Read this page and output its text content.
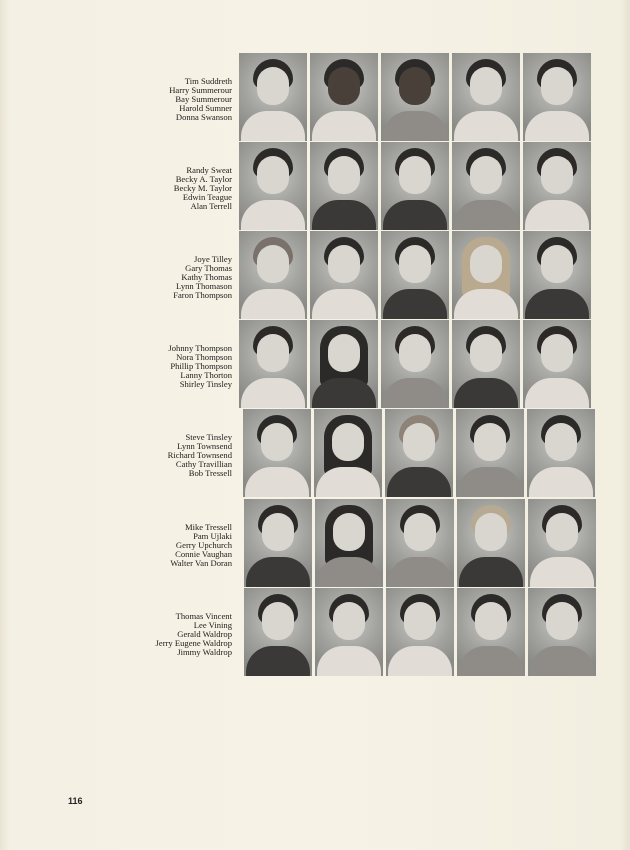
Tim Suddreth
Harry Summerour
Bay Summerour
Harold Sumner
Donna Swanson
Randy Sweat
Becky A. Taylor
Becky M. Taylor
Edwin Teague
Alan Terrell
Joye Tilley
Gary Thomas
Kathy Thomas
Lynn Thomason
Faron Thompson
Johnny Thompson
Nora Thompson
Phillip Thompson
Lanny Thorton
Shirley Tinsley
Steve Tinsley
Lynn Townsend
Richard Townsend
Cathy Travillian
Bob Tressell
Mike Tressell
Pam Ujlaki
Gerry Upchurch
Connie Vaughan
Walter Van Doran
Thomas Vincent
Lee Vining
Gerald Waldrop
Jerry Eugene Waldrop
Jimmy Waldrop
116
